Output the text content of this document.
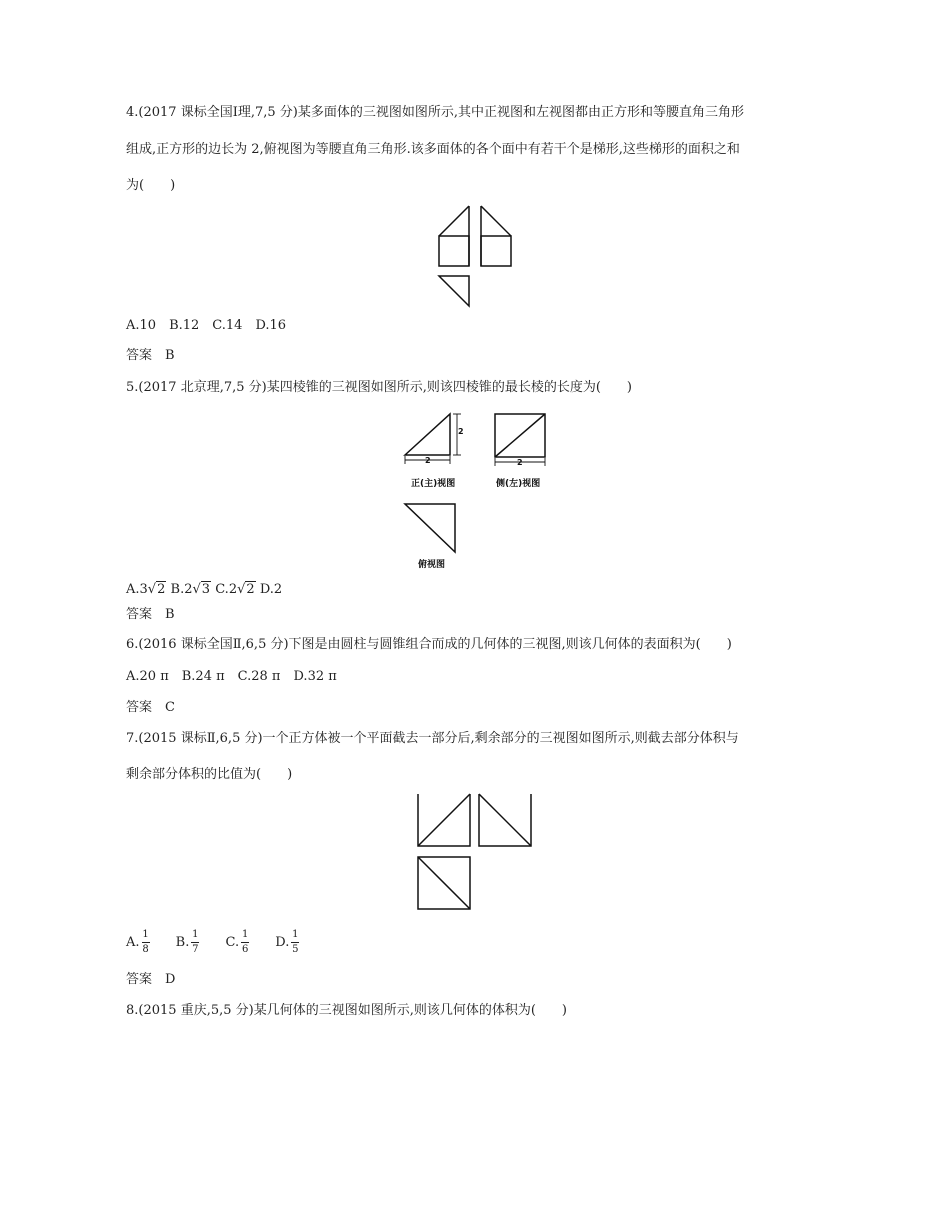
4.(2017 课标全国Ⅰ理,7,5 分)某多面体的三视图如图所示,其中正视图和左视图都由正方形和等腰直角三角形
组成,正方形的边长为 2,俯视图为等腰直角三角形.该多面体的各个面中有若干个是梯形,这些梯形的面积之和
为(　　)
A.10　B.12　C.14　D.16
答案　B
5.(2017 北京理,7,5 分)某四棱锥的三视图如图所示,则该四棱锥的最长棱的长度为(　　)
2
2
正(主)视图
2
侧(左)视图
俯视图
A.3√2 B.2√3 C.2√2 D.2
答案　B
6.(2016 课标全国Ⅱ,6,5 分)下图是由圆柱与圆锥组合而成的几何体的三视图,则该几何体的表面积为(　　)
A.20 π　B.24 π　C.28 π　D.32 π
答案　C
7.(2015 课标Ⅱ,6,5 分)一个正方体被一个平面截去一部分后,剩余部分的三视图如图所示,则截去部分体积与
剩余部分体积的比值为(　　)
A. $\frac{1}{8} B$. $\frac{1}{7} C$. $\frac{1}{6} D$. $\frac{1}{5}$
答案　D
8.(2015 重庆,5,5 分)某几何体的三视图如图所示,则该几何体的体积为(　　)
